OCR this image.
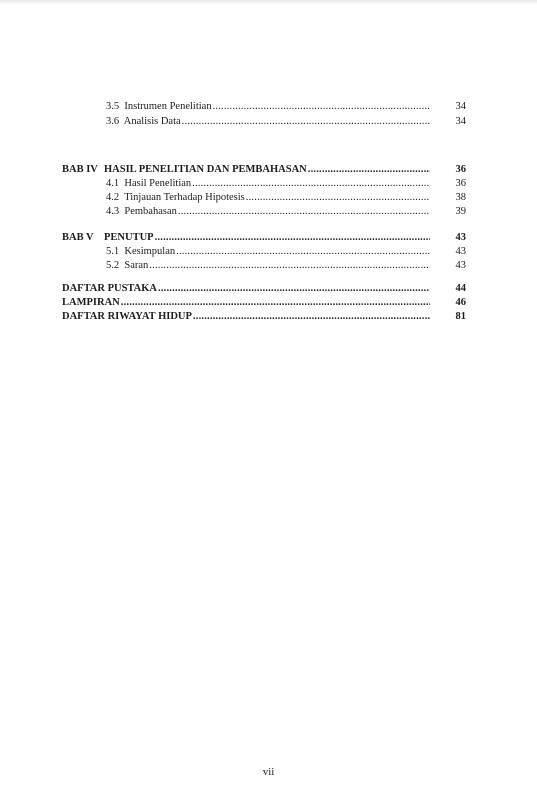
3.5 Instrumen Penelitian .....	34
3.6 Analisis Data .....	34
BAB IV HASIL PENELITIAN DAN PEMBAHASAN .....	36
4.1 Hasil Penelitian .....	36
4.2 Tinjauan Terhadap Hipotesis .....	38
4.3 Pembahasan .....	39
BAB V PENUTUP .....	43
5.1 Kesimpulan .....	43
5.2 Saran .....	43
DAFTAR PUSTAKA .....	44
LAMPIRAN .....	46
DAFTAR RIWAYAT HIDUP .....	81
vii
